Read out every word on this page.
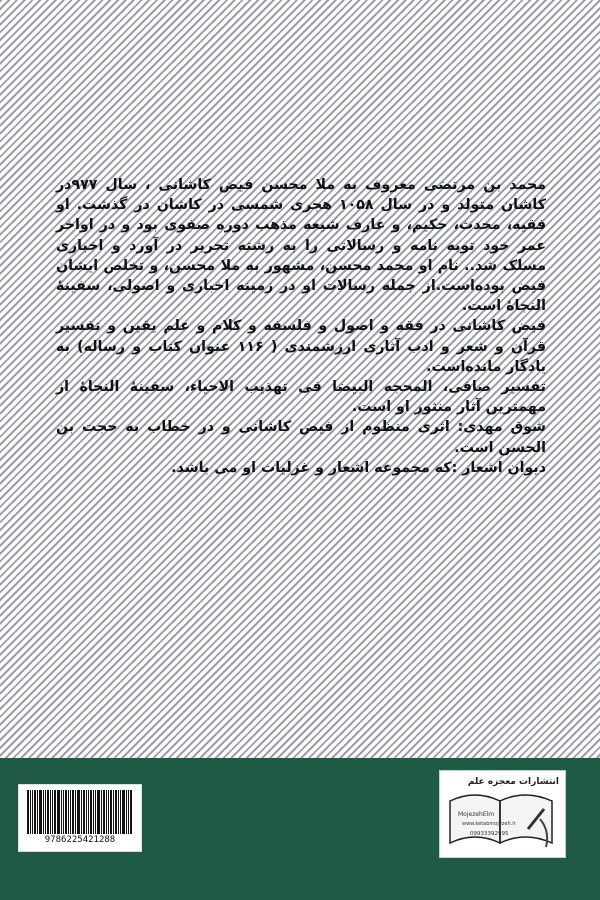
محمد بن مرتضی معروف به ملا محسن فیض کاشانی ، سال ۹۷۷در کاشان متولد و در سال ۱۰۵۸ هجری شمسی در کاشان در گذشت. او فقیه، محدث، حکیم، و عارف شیعه مذهب دوره صفوی بود و در اواخر عمر خود توبه نامه و رسالاتی را به رشته تحریر در آورد و اخباری مسلک شد.. نام او محمد محسن، مشهور به ملا محسن، و تخلص ایشان فیض بوده‌است.از جمله رسالات او در زمینه اخباری و اصولی، سفینهٔ النجاهٔ است.

فیض کاشانی در فقه و اصول و فلسفه و کلام و علم یقین و تفسیر قرآن و شعر و ادب آثاری ارزشمندی ( ۱۱۶ عنوان کتاب و رساله) به یادگار مانده‌است.

تفسیر صافی، المحجه البیضا فی تهذیب الاحیاء، سفینهٔ النجاهٔ از مهمترین آثار منثور او است.

شوق مهدی: اثری منظوم از فیض کاشانی و در خطاب به حجت بن الحسن است.

دیوان اشعار :که مجموعه اشعار و غزلیات او می باشد.

9786225421288
انتشارات معجزه علم
MojezehElm
www.ketabmojezeh.ir
09933392995
